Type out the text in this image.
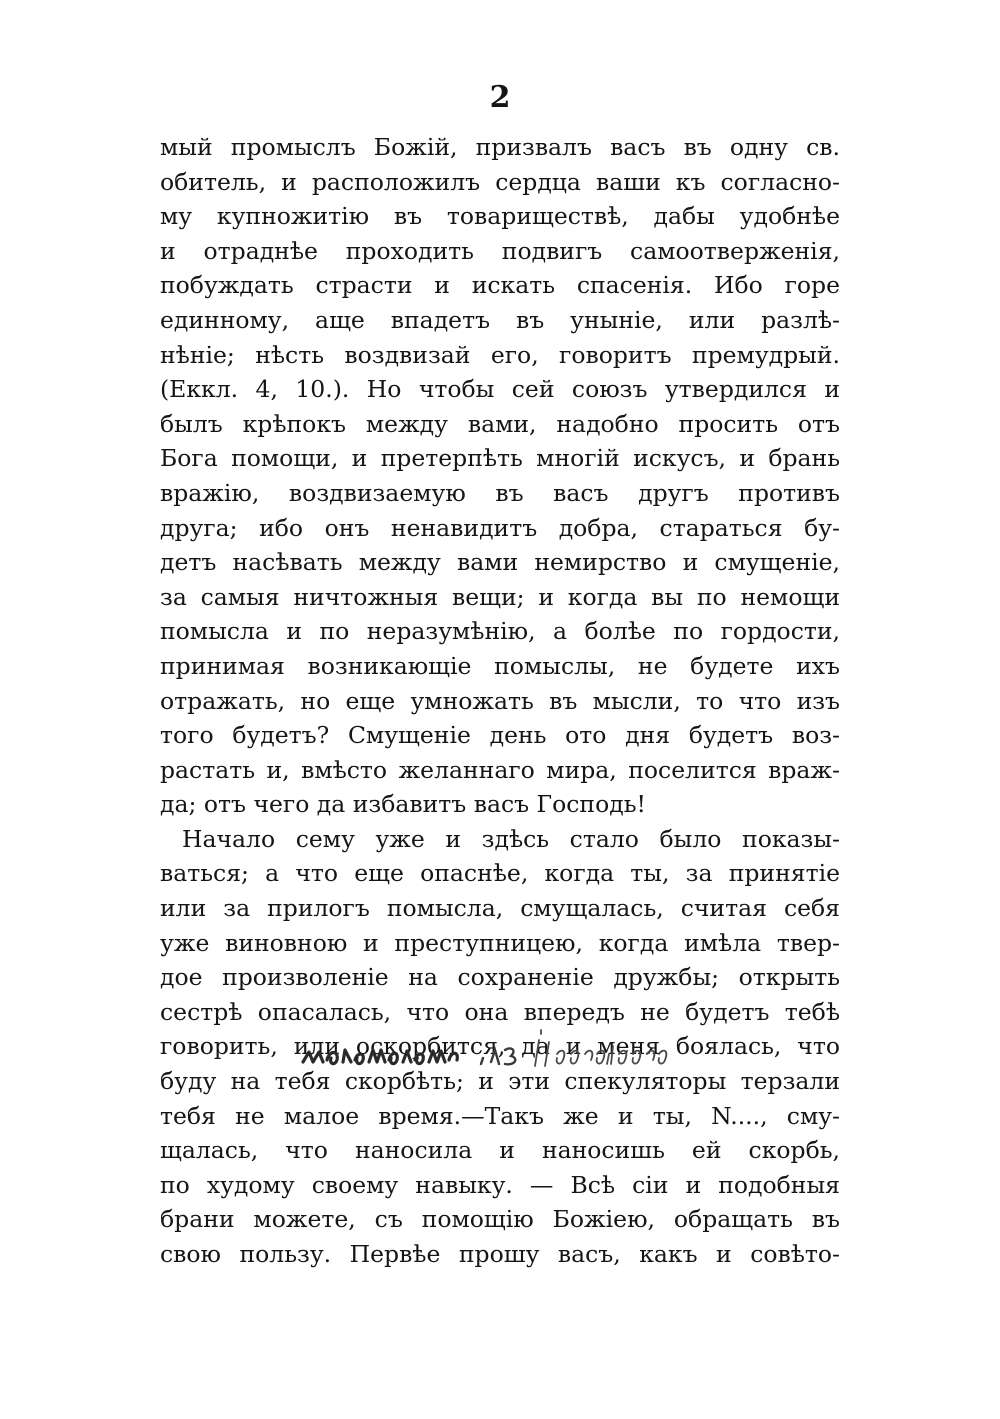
2
мый промыслъ Божій, призвалъ васъ въ одну св.
обитель, и расположилъ сердца ваши къ согласно-
му купножитію въ товариществѣ, дабы удобнѣе
и отраднѣе проходить подвигъ самоотверженія,
побуждать страсти и искать спасенія. Ибо горе
единному, аще впадетъ въ уныніе, или разлѣ-
нѣніе; нѣсть воздвизай его, говоритъ премудрый.
(Еккл. 4, 10.). Но чтобы сей союзъ утвердился и
былъ крѣпокъ между вами, надобно просить отъ
Бога помощи, и претерпѣть многій искусъ, и брань
вражію, воздвизаемую въ васъ другъ противъ
друга; ибо онъ ненавидитъ добра, стараться бу-
детъ насѣвать между вами немирство и смущеніе,
за самыя ничтожныя вещи; и когда вы по немощи
помысла и по неразумѣнію, а болѣе по гордости,
принимая возникающіе помыслы, не будете ихъ
отражать, но еще умножать въ мысли, то что изъ
того будетъ? Смущеніе день ото дня будетъ воз-
растать и, вмѣсто желаннаго мира, поселится враж-
да; отъ чего да избавитъ васъ Господь!
Начало сему уже и здѣсь стало было показы-
ваться; а что еще опаснѣе, когда ты, за принятіе
или за прилогъ помысла, смущалась, считая себя
уже виновною и преступницею, когда имѣла твер-
дое произволеніе на сохраненіе дружбы; открыть
сестрѣ опасалась, что она впередъ не будетъ тебѣ
говорить, или оскорбится, да и меня боялась, что
буду на тебя скорбѣть; и эти спекуляторы терзали
тебя не малое время.—Такъ же и ты, N...., сму-
щалась, что наносила и наносишь ей скорбь,
по худому своему навыку. — Всѣ сіи и подобныя
брани можете, съ помощію Божіею, обращать въ
свою пользу. Первѣе прошу васъ, какъ и совѣто-
